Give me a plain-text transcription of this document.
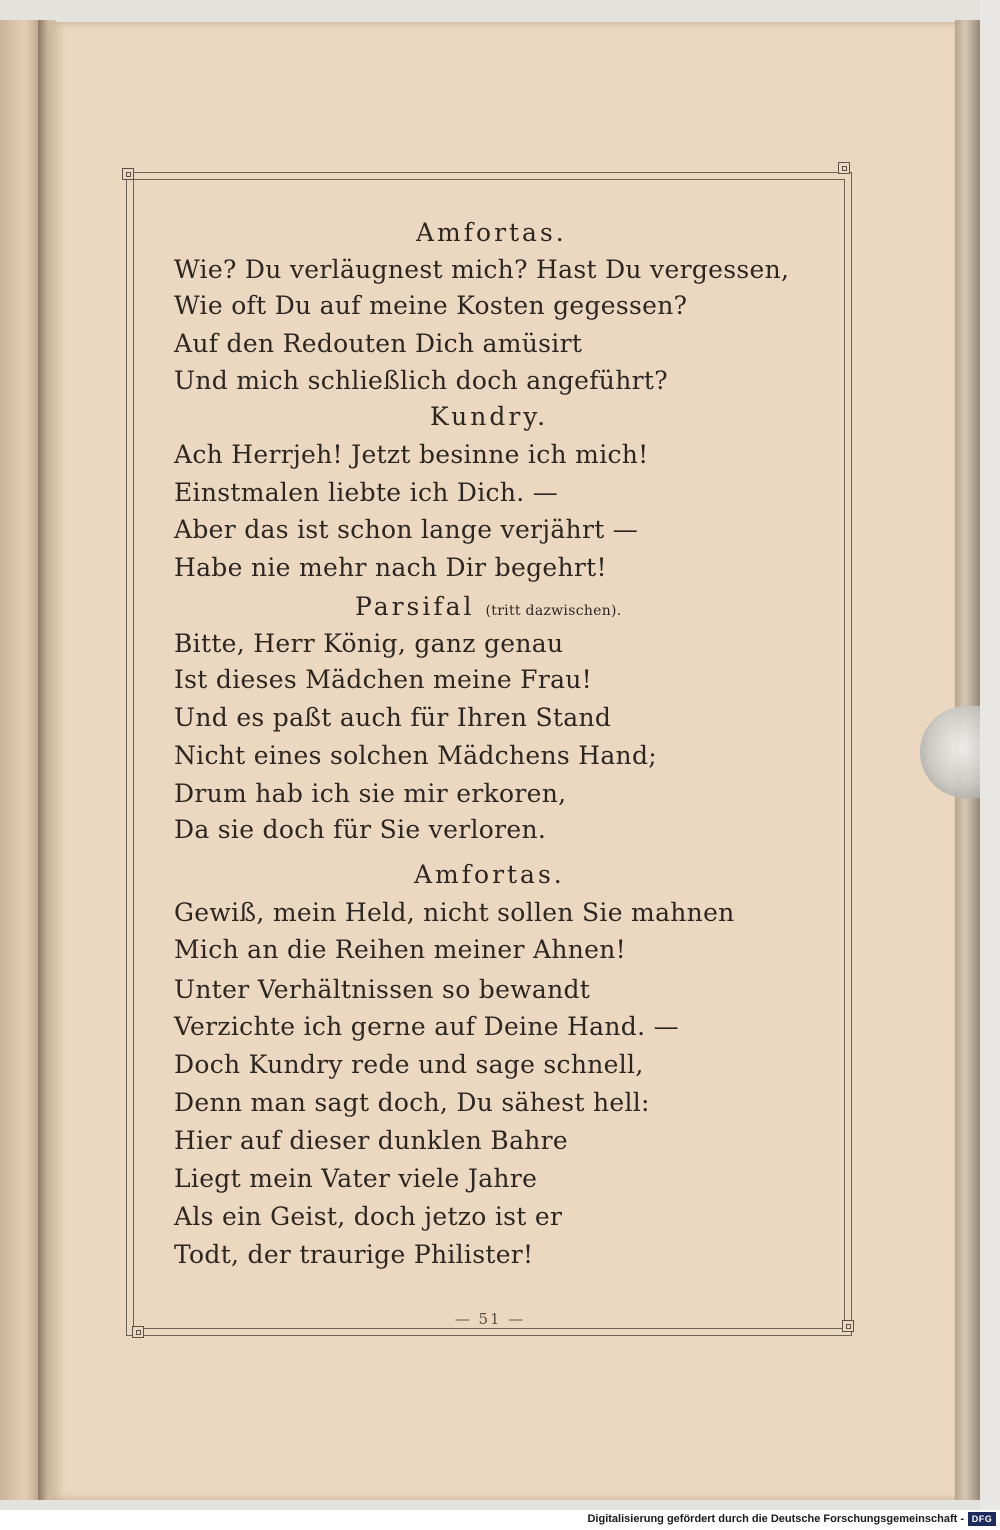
Amfortas.
Wie? Du verläugnest mich? Hast Du vergessen,
Wie oft Du auf meine Kosten gegessen?
Auf den Redouten Dich amüsirt
Und mich schließlich doch angeführt?
Kundry.
Ach Herrjeh! Jetzt besinne ich mich!
Einstmalen liebte ich Dich. —
Aber das ist schon lange verjährt —
Habe nie mehr nach Dir begehrt!
Parsifal (tritt dazwischen).
Bitte, Herr König, ganz genau
Ist dieses Mädchen meine Frau!
Und es paßt auch für Ihren Stand
Nicht eines solchen Mädchens Hand;
Drum hab ich sie mir erkoren,
Da sie doch für Sie verloren.
Amfortas.
Gewiß, mein Held, nicht sollen Sie mahnen
Mich an die Reihen meiner Ahnen!
Unter Verhältnissen so bewandt
Verzichte ich gerne auf Deine Hand. —
Doch Kundry rede und sage schnell,
Denn man sagt doch, Du sähest hell:
Hier auf dieser dunklen Bahre
Liegt mein Vater viele Jahre
Als ein Geist, doch jetzo ist er
Todt, der traurige Philister!
— 51 —
Digitalisierung gefördert durch die Deutsche Forschungsgemeinschaft - DFG
